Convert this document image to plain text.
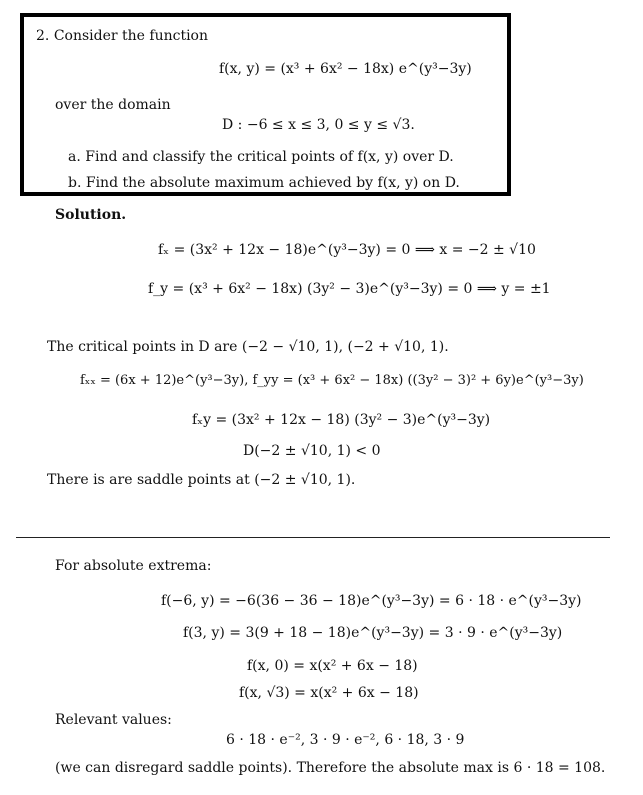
2. Consider the function
f(x, y) = (x³ + 6x² − 18x) e^(y³−3y)
over the domain
D : −6 ≤ x ≤ 3, 0 ≤ y ≤ √3.
a. Find and classify the critical points of f(x, y) over D.
b. Find the absolute maximum achieved by f(x, y) on D.
Solution.
fₓ = (3x² + 12x − 18)e^(y³−3y) = 0 ⟹ x = −2 ± √10
f_y = (x³ + 6x² − 18x) (3y² − 3)e^(y³−3y) = 0 ⟹ y = ±1
The critical points in D are (−2 − √10, 1), (−2 + √10, 1).
fₓₓ = (6x + 12)e^(y³−3y), f_yy = (x³ + 6x² − 18x) ((3y² − 3)² + 6y)e^(y³−3y)
fₓy = (3x² + 12x − 18) (3y² − 3)e^(y³−3y)
D(−2 ± √10, 1) < 0
There is are saddle points at (−2 ± √10, 1).
For absolute extrema:
f(−6, y) = −6(36 − 36 − 18)e^(y³−3y) = 6 · 18 · e^(y³−3y)
f(3, y) = 3(9 + 18 − 18)e^(y³−3y) = 3 · 9 · e^(y³−3y)
f(x, 0) = x(x² + 6x − 18)
f(x, √3) = x(x² + 6x − 18)
Relevant values:
6 · 18 · e⁻², 3 · 9 · e⁻², 6 · 18, 3 · 9
(we can disregard saddle points). Therefore the absolute max is 6 · 18 = 108.
